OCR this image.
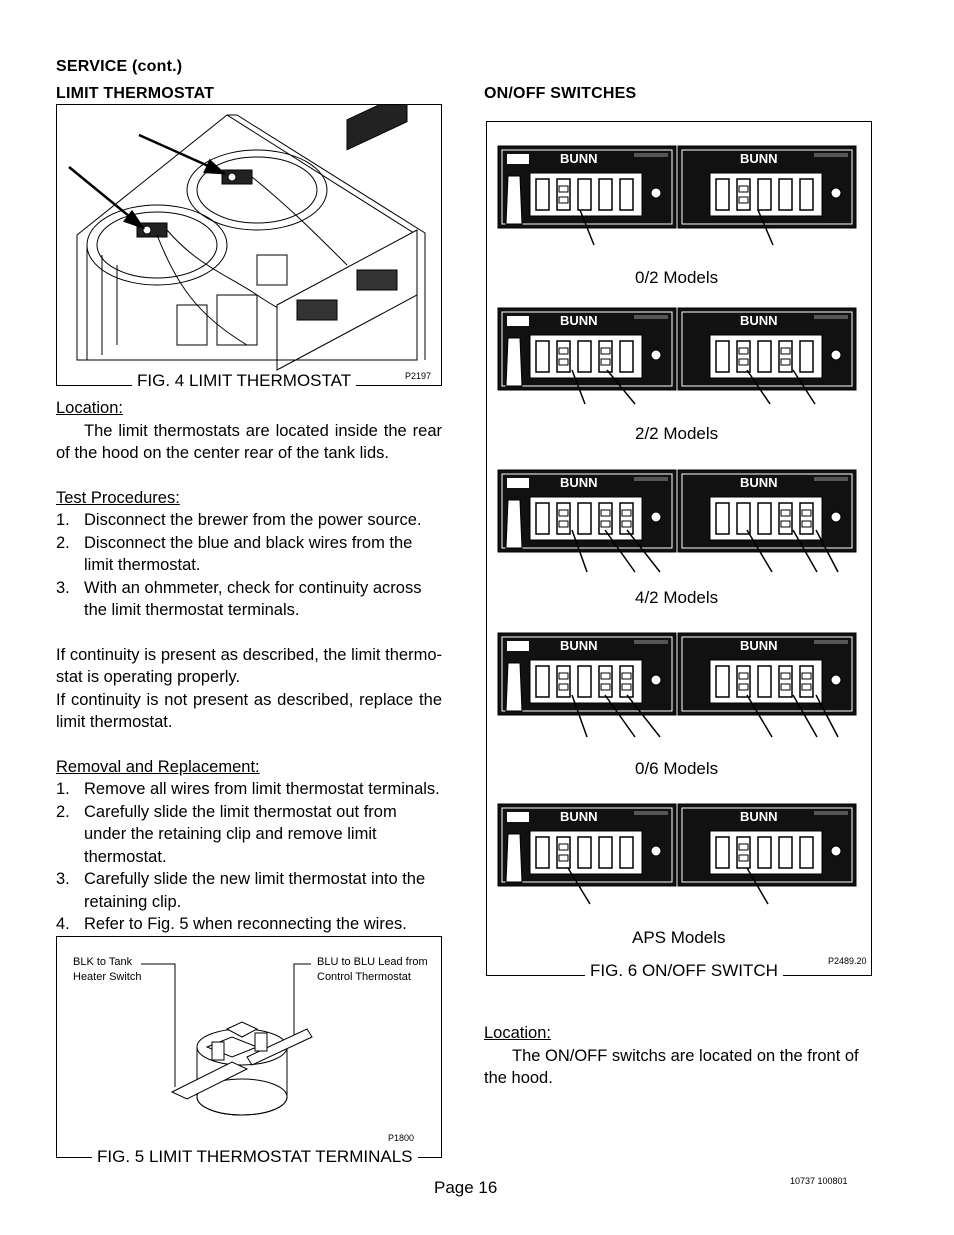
SERVICE (cont.)
LIMIT THERMOSTAT
P2197
FIG. 4 LIMIT THERMOSTAT
Location:
The limit thermostats are located inside the rear of the hood on the center rear of the tank lids.
Test Procedures:
1. Disconnect the brewer from the power source.
2. Disconnect the blue and black wires from the limit thermostat.
3. With an ohmmeter, check for continuity across the limit thermostat terminals.
If continuity is present as described, the limit thermo-stat is operating properly.
If continuity is not present as described, replace the limit thermostat.
Removal and Replacement:
1. Remove all wires from limit thermostat terminals.
2. Carefully slide the limit thermostat out from under the retaining clip and remove limit thermostat.
3. Carefully slide the new limit thermostat into the retaining clip.
4. Refer to Fig. 5 when reconnecting the wires.
BLK to Tank
Heater Switch
BLU to BLU Lead from
Control Thermostat
P1800
FIG. 5 LIMIT THERMOSTAT TERMINALS
ON/OFF SWITCHES
BUNN	BUNN
BUNN	BUNN
BUNN	BUNN
BUNN	BUNN
BUNN	BUNN
0/2 Models
2/2 Models
4/2 Models
0/6 Models
APS Models
P2489.20
FIG. 6 ON/OFF SWITCH
Location:
The ON/OFF switchs are located on the front of the hood.
Page 16	10737 100801
